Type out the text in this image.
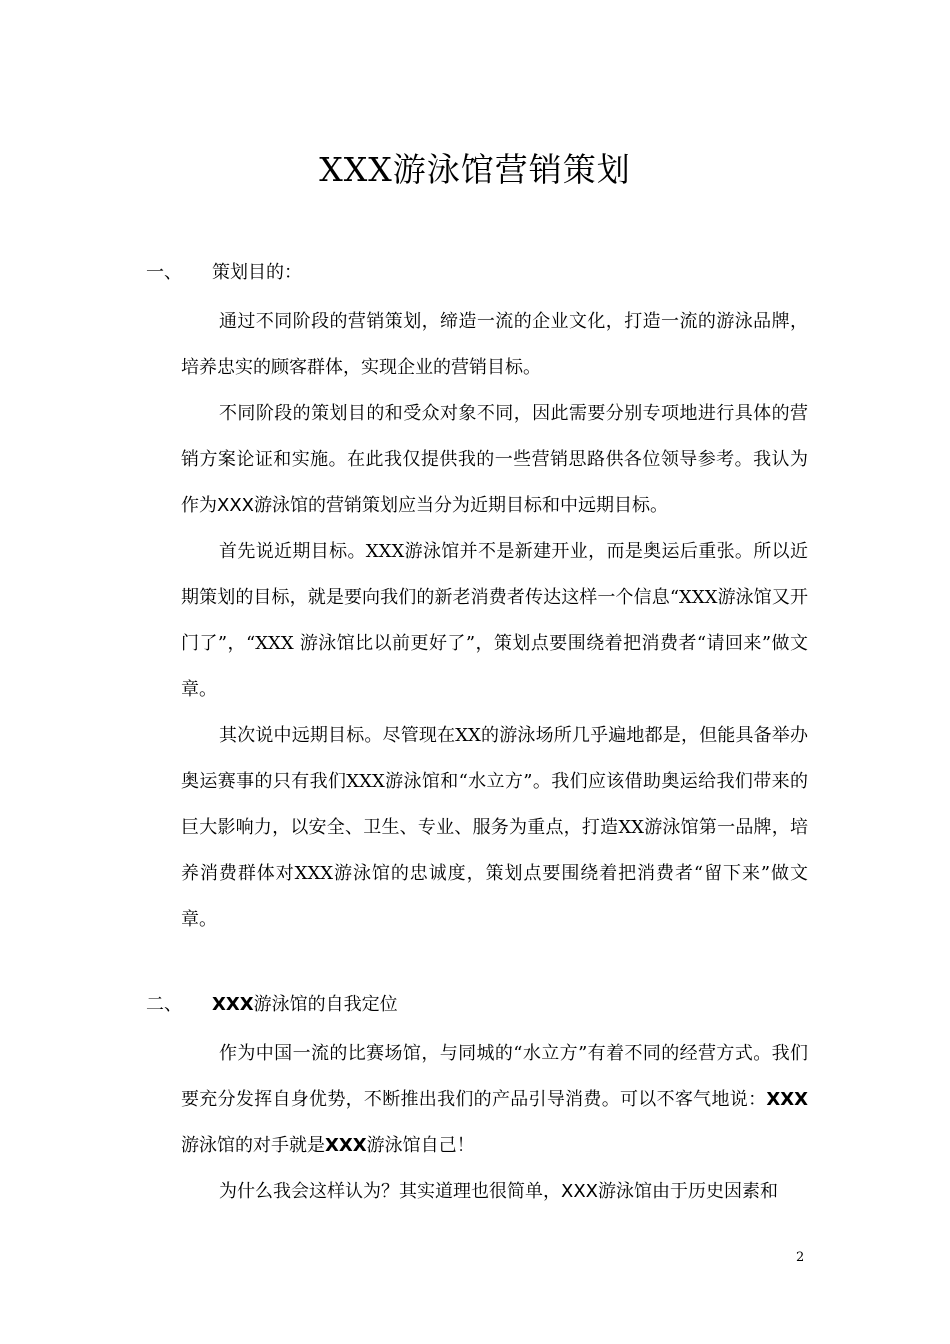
XXX游泳馆营销策划
一、 策划目的：
通过不同阶段的营销策划，缔造一流的企业文化，打造一流的游泳品牌，培养忠实的顾客群体，实现企业的营销目标。
不同阶段的策划目的和受众对象不同，因此需要分别专项地进行具体的营销方案论证和实施。在此我仅提供我的一些营销思路供各位领导参考。我认为作为XXX游泳馆的营销策划应当分为近期目标和中远期目标。
首先说近期目标。XXX游泳馆并不是新建开业，而是奥运后重张。所以近期策划的目标，就是要向我们的新老消费者传达这样一个信息“XXX游泳馆又开门了”，“XXX 游泳馆比以前更好了”，策划点要围绕着把消费者“请回来”做文章。
其次说中远期目标。尽管现在XX的游泳场所几乎遍地都是，但能具备举办奥运赛事的只有我们XXX游泳馆和“水立方”。我们应该借助奥运给我们带来的巨大影响力，以安全、卫生、专业、服务为重点，打造XX游泳馆第一品牌，培养消费群体对XXX游泳馆的忠诚度，策划点要围绕着把消费者“留下来”做文章。
二、 XXX游泳馆的自我定位
作为中国一流的比赛场馆，与同城的“水立方”有着不同的经营方式。我们要充分发挥自身优势，不断推出我们的产品引导消费。可以不客气地说：XXX游泳馆的对手就是XXX游泳馆自己！
为什么我会这样认为？其实道理也很简单，XXX游泳馆由于历史因素和
2
